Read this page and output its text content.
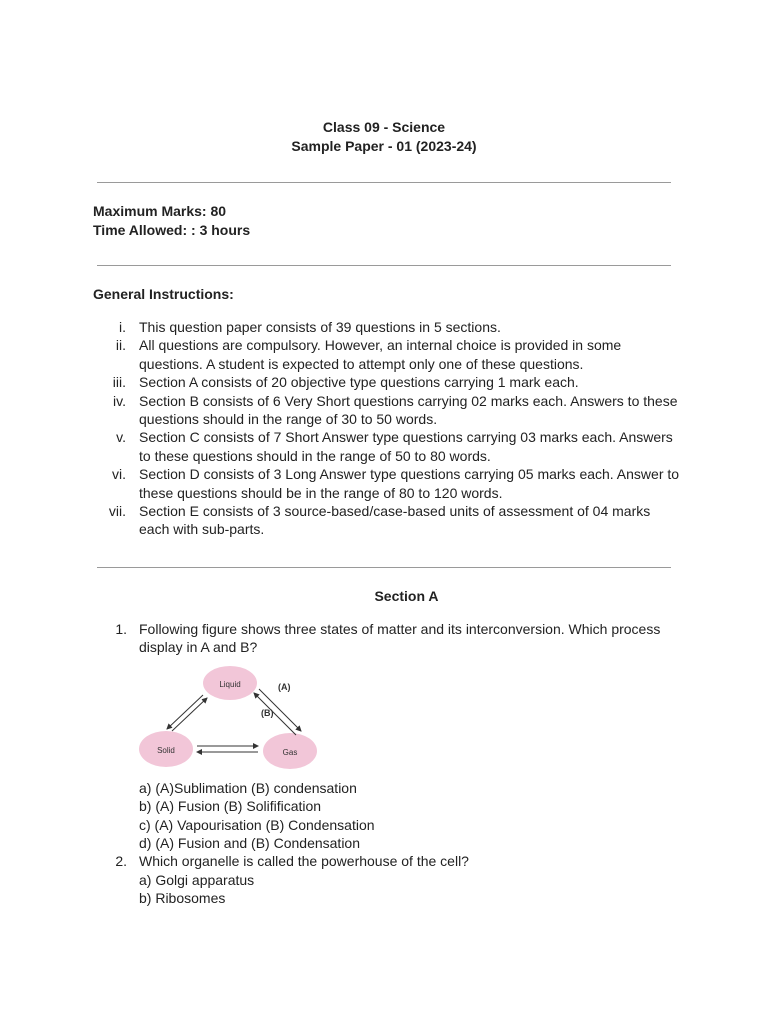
Class 09 - Science
Sample Paper - 01 (2023-24)
Maximum Marks: 80
Time Allowed: : 3 hours
General Instructions:
i. This question paper consists of 39 questions in 5 sections.
ii. All questions are compulsory. However, an internal choice is provided in some questions. A student is expected to attempt only one of these questions.
iii. Section A consists of 20 objective type questions carrying 1 mark each.
iv. Section B consists of 6 Very Short questions carrying 02 marks each. Answers to these questions should in the range of 30 to 50 words.
v. Section C consists of 7 Short Answer type questions carrying 03 marks each. Answers to these questions should in the range of 50 to 80 words.
vi. Section D consists of 3 Long Answer type questions carrying 05 marks each. Answer to these questions should be in the range of 80 to 120 words.
vii. Section E consists of 3 source-based/case-based units of assessment of 04 marks each with sub-parts.
Section A
1. Following figure shows three states of matter and its interconversion. Which process display in A and B?
Liquid
Solid	Gas
(A)
(B)
a) (A)Sublimation (B) condensation
b) (A) Fusion (B) Solifification
c) (A) Vapourisation (B) Condensation
d) (A) Fusion and (B) Condensation
2. Which organelle is called the powerhouse of the cell?
a) Golgi apparatus
b) Ribosomes
